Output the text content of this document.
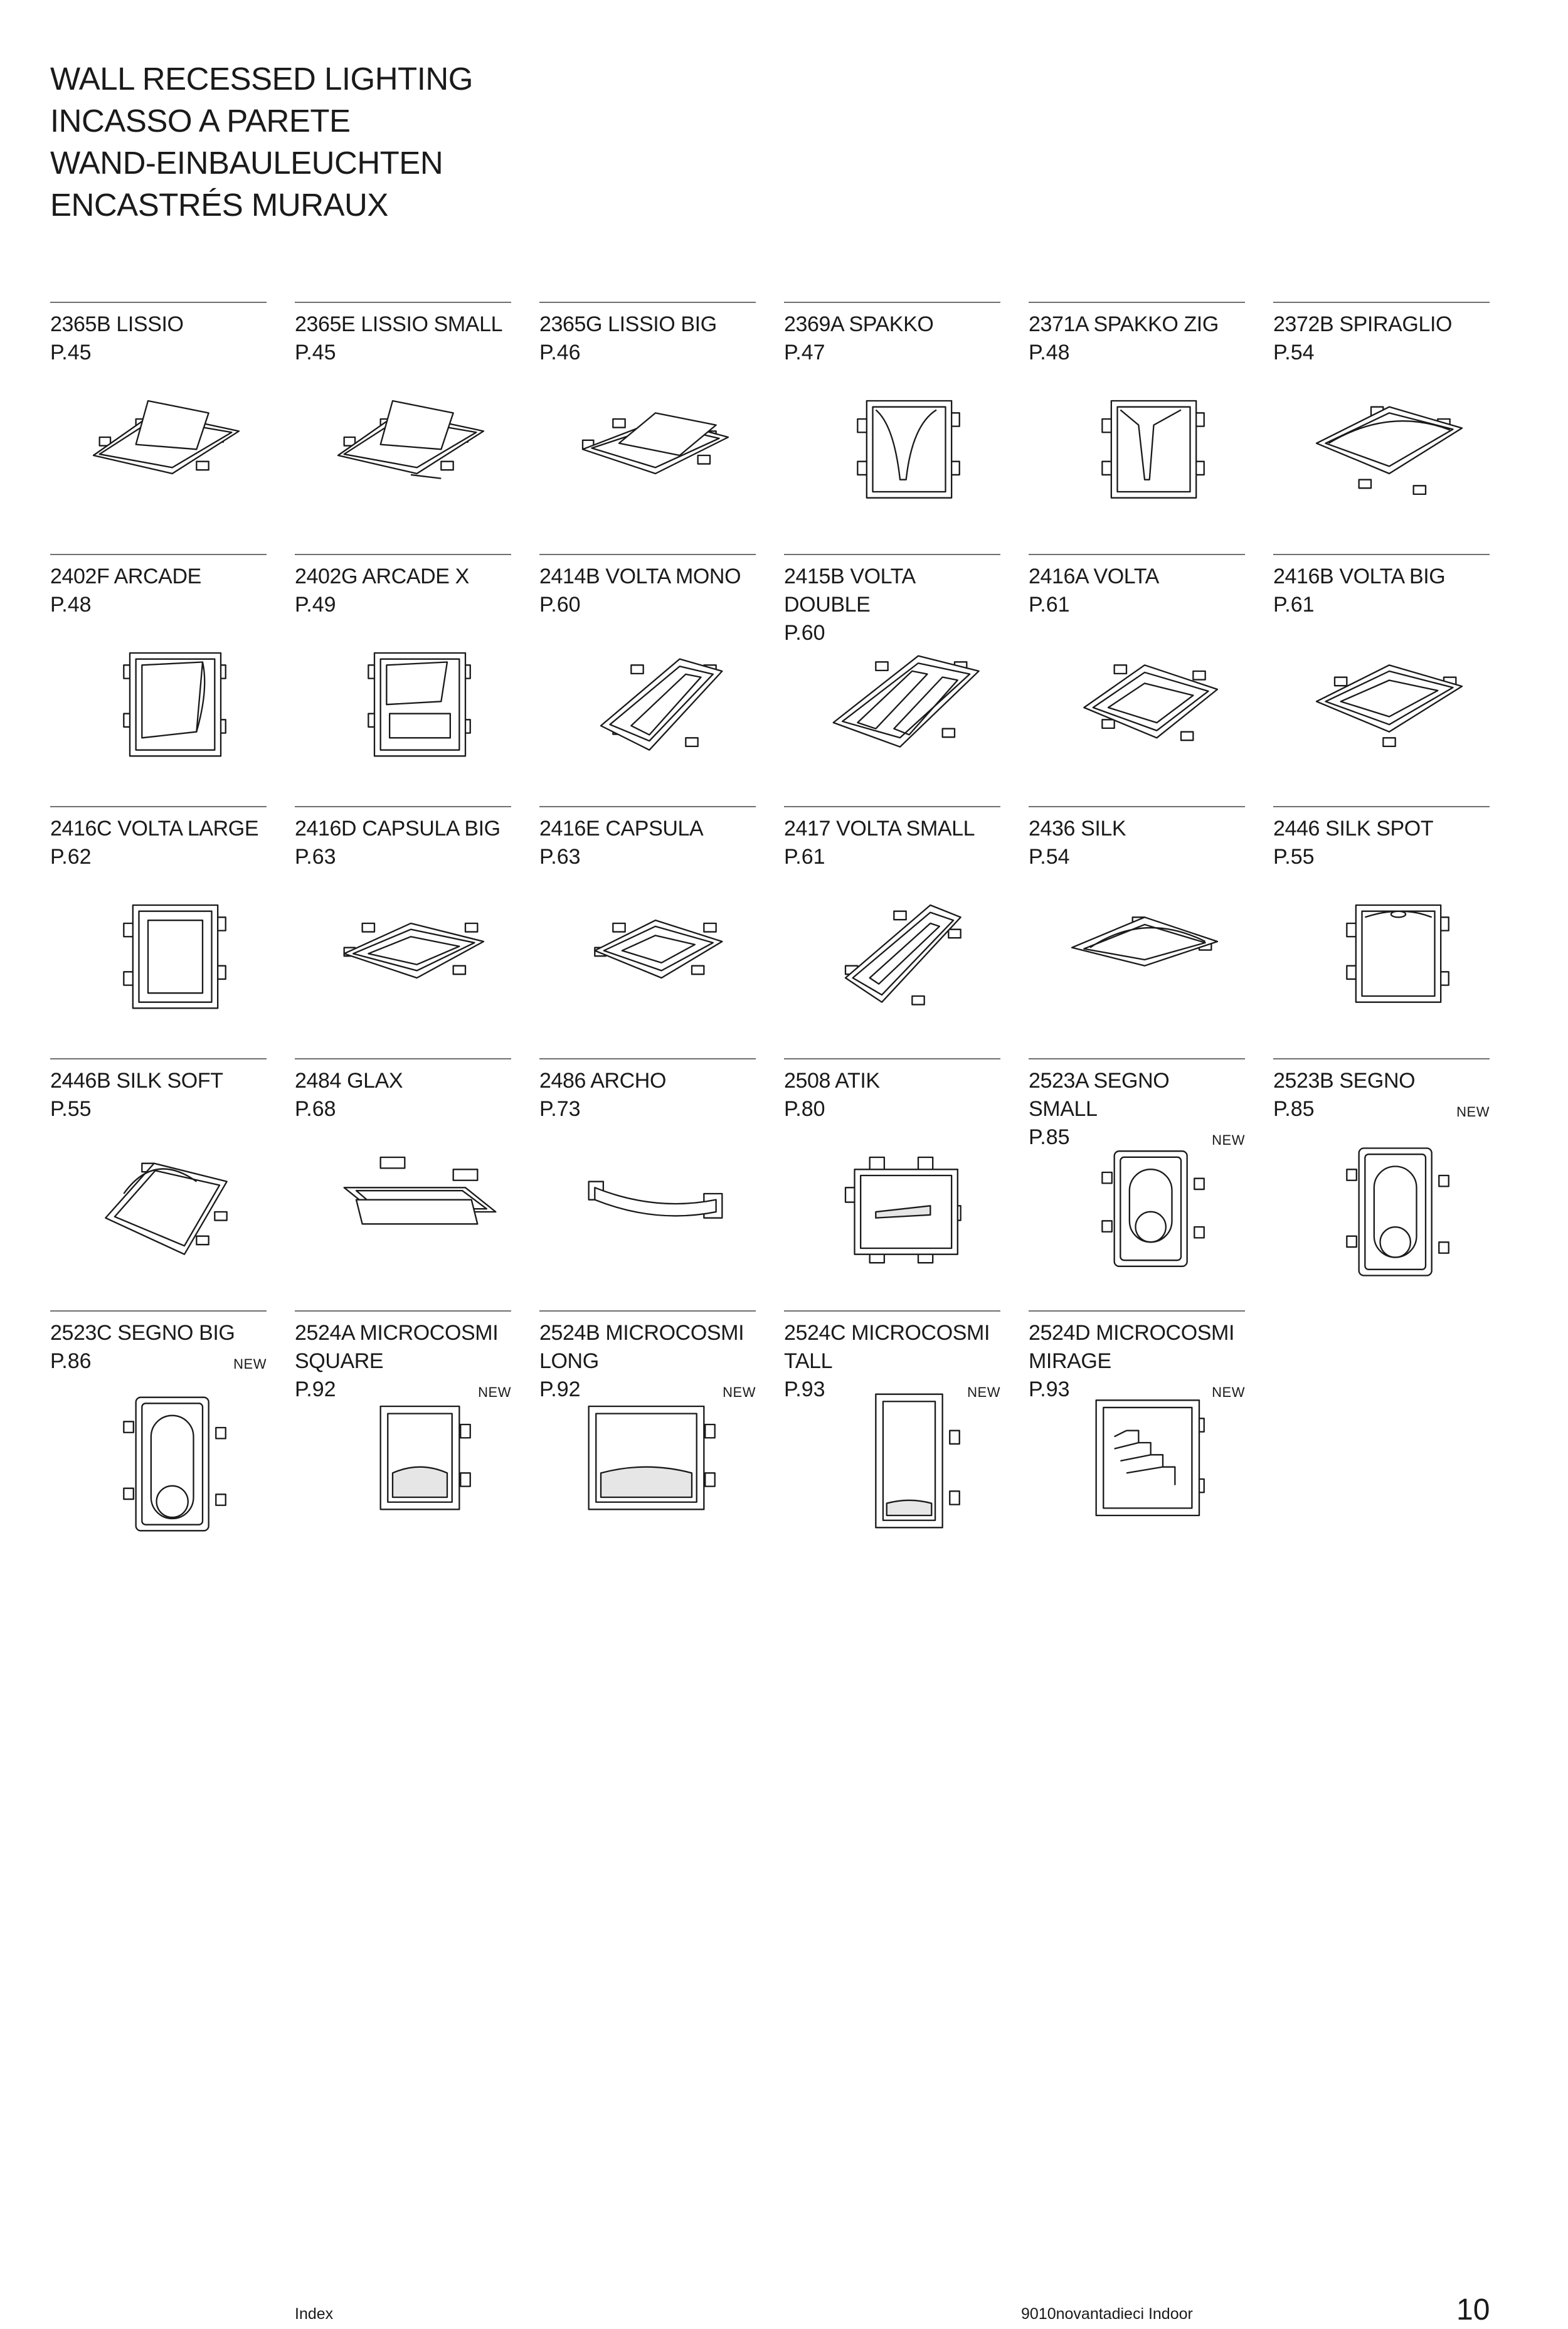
WALL RECESSED LIGHTING
INCASSO A PARETE
WAND-EINBAULEUCHTEN
ENCASTRÉS MURAUX
2365B LISSIO
P.45
2365E LISSIO SMALL
P.45
2365G LISSIO BIG
P.46
2369A SPAKKO
P.47
2371A SPAKKO ZIG
P.48
2372B SPIRAGLIO
P.54
2402F ARCADE
P.48
2402G ARCADE X
P.49
2414B VOLTA MONO
P.60
2415B VOLTA
DOUBLE
P.60
2416A VOLTA
P.61
2416B VOLTA BIG
P.61
2416C VOLTA LARGE
P.62
2416D CAPSULA BIG
P.63
2416E CAPSULA
P.63
2417 VOLTA SMALL
P.61
2436 SILK
P.54
2446 SILK SPOT
P.55
2446B SILK SOFT
P.55
2484 GLAX
P.68
2486 ARCHO
P.73
2508 ATIK
P.80
2523A SEGNO
SMALL
P.85	NEW
2523B SEGNO
P.85	NEW
2523C SEGNO BIG
P.86	NEW
2524A MICROCOSMI
SQUARE
P.92	NEW
2524B MICROCOSMI
LONG
P.92	NEW
2524C MICROCOSMI
TALL
P.93	NEW
2524D MICROCOSMI
MIRAGE
P.93	NEW
Index	9010novantadieci Indoor	10
